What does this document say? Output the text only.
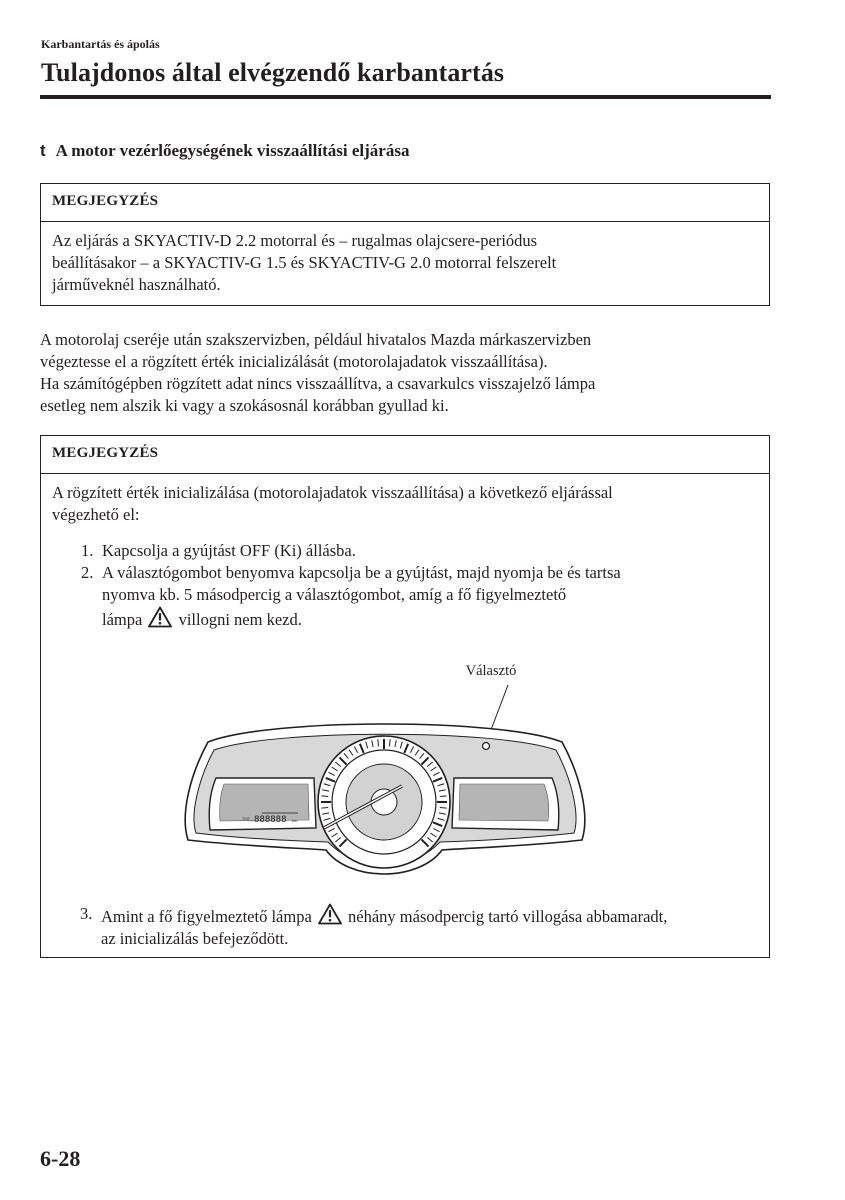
Karbantartás és ápolás
Tulajdonos által elvégzendő karbantartás
t A motor vezérlőegységének visszaállítási eljárása
MEGJEGYZÉS

Az eljárás a SKYACTIV-D 2.2 motorral és – rugalmas olajcsere-periódus

beállításakor – a SKYACTIV-G 1.5 és SKYACTIV-G 2.0 motorral felszerelt

járműveknél használható.

A motorolaj cseréje után szakszervizben, például hivatalos Mazda márkaszervizben

végeztesse el a rögzített érték inicializálását (motorolajadatok visszaállítása).

Ha számítógépben rögzített adat nincs visszaállítva, a csavarkulcs visszajelző lámpa

esetleg nem alszik ki vagy a szokásosnál korábban gyullad ki.

MEGJEGYZÉS

A rögzített érték inicializálása (motorolajadatok visszaállítása) a következő eljárással

végezhető el:

1. Kapcsolja a gyújtást OFF (Ki) állásba.
2. A választógombot benyomva kapcsolja be a gyújtást, majd nyomja be és tartsa
nyomva kb. 5 másodpercig a választógombot, amíg a fő figyelmeztető
lámpa villogni nem kezd.
Választó
TRIP 888888 km
3. Amint a fő figyelmeztető lámpa néhány másodpercig tartó villogása abbamaradt,
az inicializálás befejeződött.
6-28
